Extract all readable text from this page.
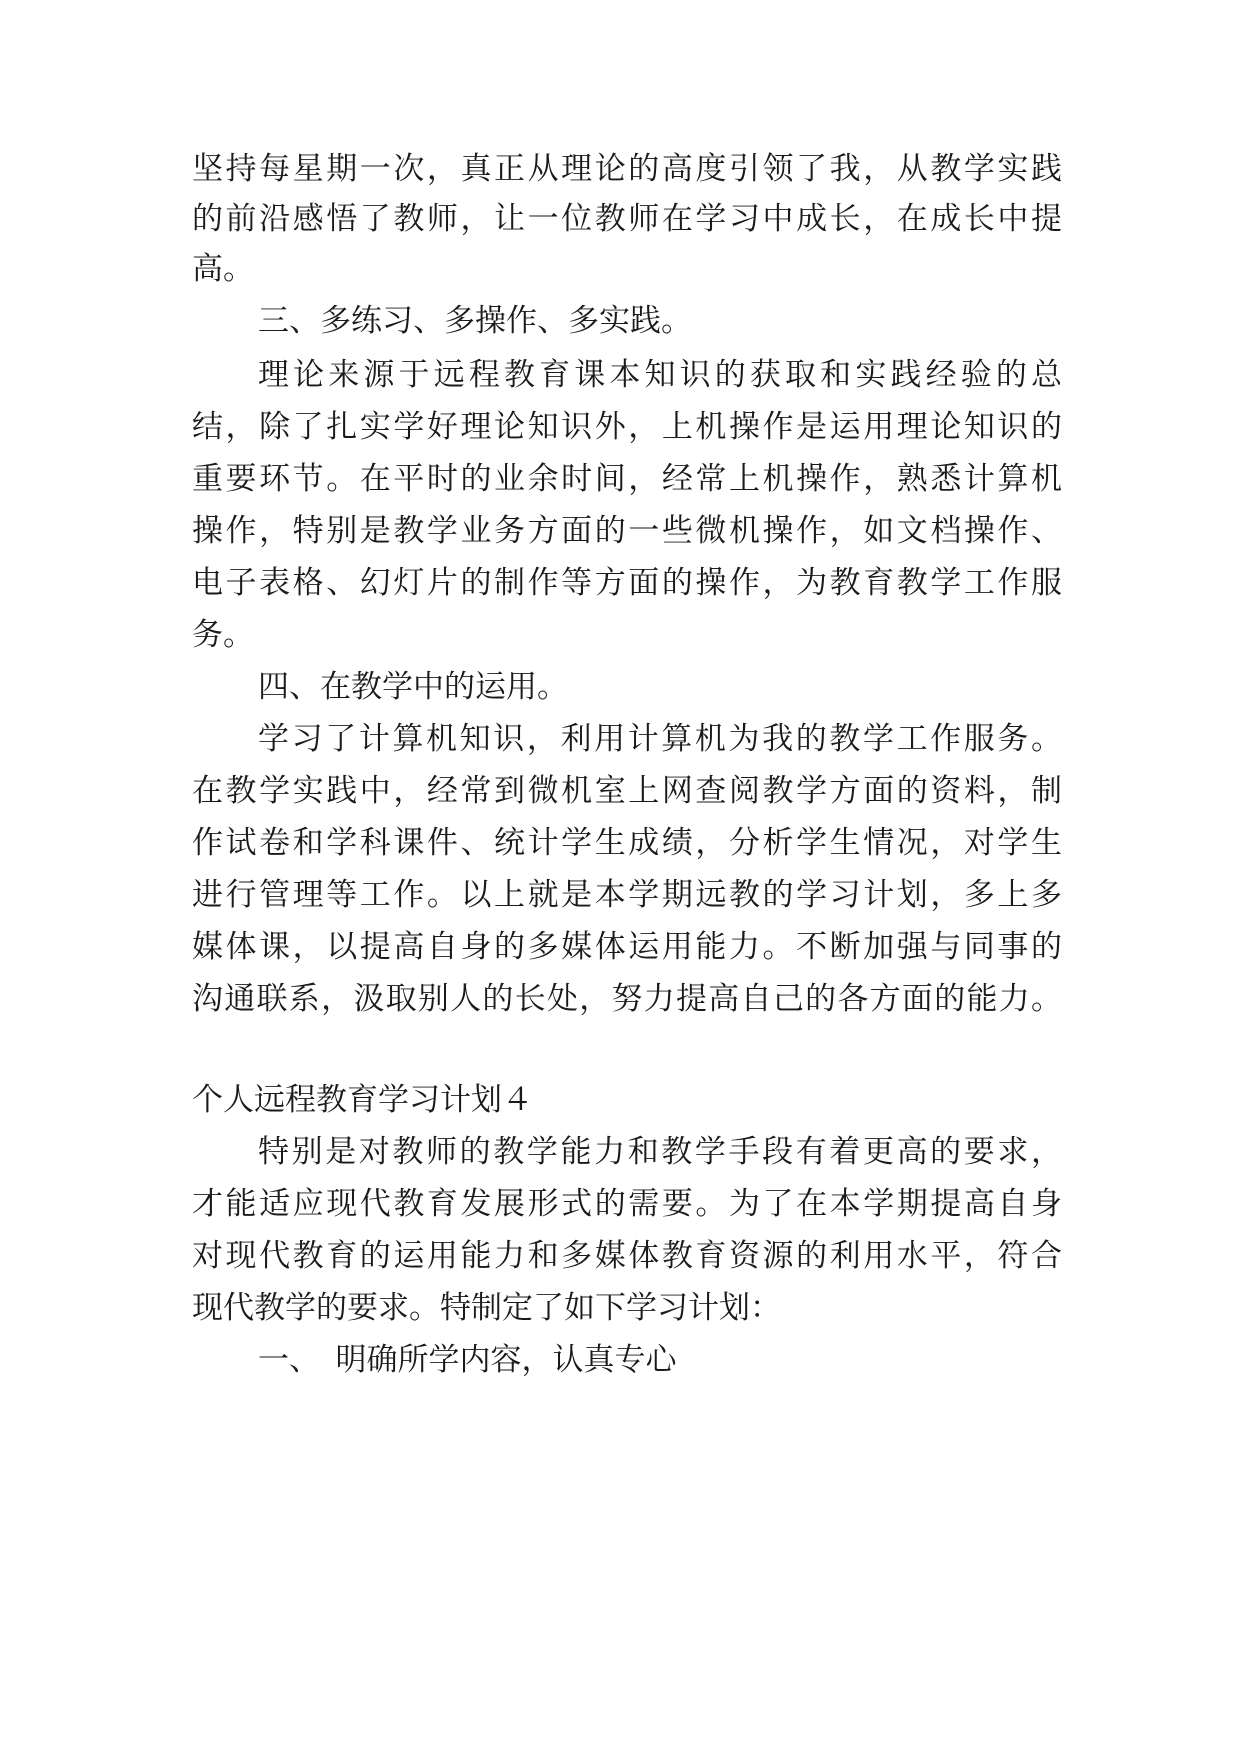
坚持每星期一次，真正从理论的高度引领了我，从教学实践
的前沿感悟了教师，让一位教师在学习中成长，在成长中提
高。
三、多练习、多操作、多实践。
理论来源于远程教育课本知识的获取和实践经验的总
结，除了扎实学好理论知识外，上机操作是运用理论知识的
重要环节。在平时的业余时间，经常上机操作，熟悉计算机
操作，特别是教学业务方面的一些微机操作，如文档操作、
电子表格、幻灯片的制作等方面的操作，为教育教学工作服
务。
四、在教学中的运用。
学习了计算机知识，利用计算机为我的教学工作服务。
在教学实践中，经常到微机室上网查阅教学方面的资料，制
作试卷和学科课件、统计学生成绩，分析学生情况，对学生
进行管理等工作。以上就是本学期远教的学习计划，多上多
媒体课，以提高自身的多媒体运用能力。不断加强与同事的
沟通联系，汲取别人的长处，努力提高自己的各方面的能力。
个人远程教育学习计划４
特别是对教师的教学能力和教学手段有着更高的要求，
才能适应现代教育发展形式的需要。为了在本学期提高自身
对现代教育的运用能力和多媒体教育资源的利用水平，符合
现代教学的要求。特制定了如下学习计划：
一、　明确所学内容，认真专心
